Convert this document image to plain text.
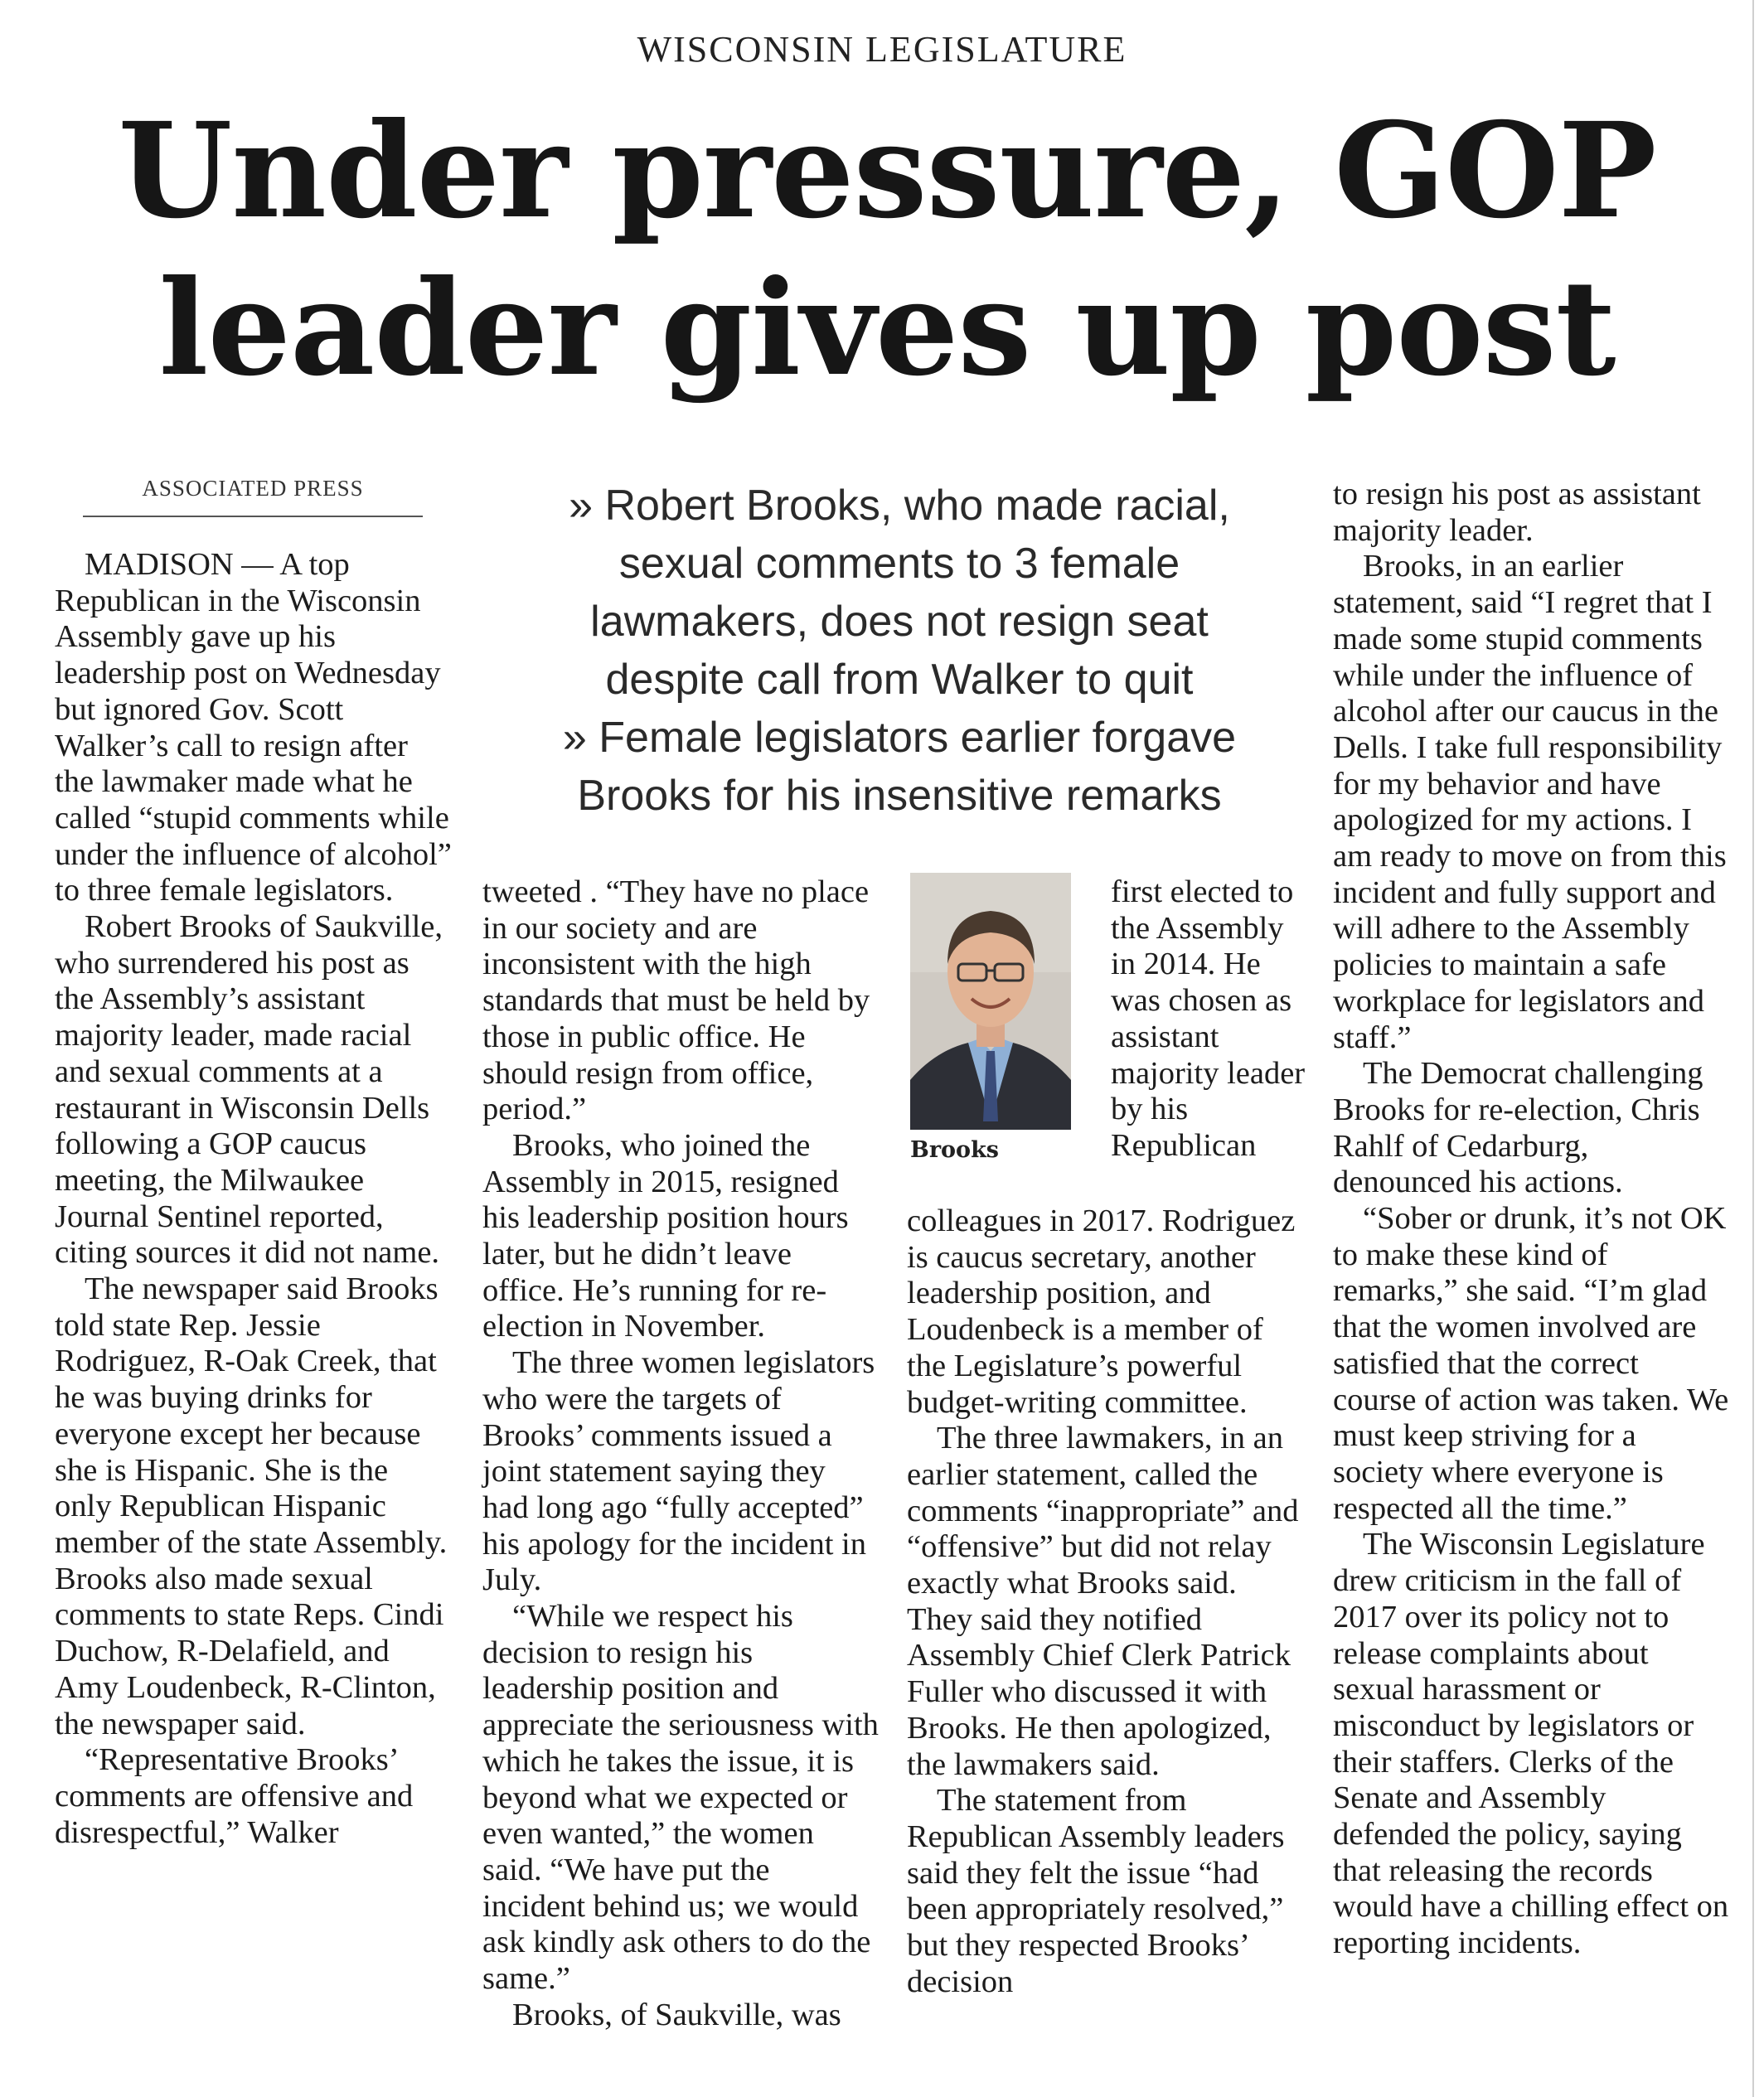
WISCONSIN LEGISLATURE
Under pressure, GOP
leader gives up post
ASSOCIATED PRESS	» Robert Brooks, who made racial,
sexual comments to 3 female
lawmakers, does not resign seat
despite call from Walker to quit
» Female legislators earlier forgave
Brooks for his insensitive remarks

MADISON — A top Republican in the Wisconsin Assembly gave up his leadership post on Wednesday but ignored Gov. Scott Walker’s call to resign after the lawmaker made what he called “stupid comments while under the influence of alcohol” to three female legislators.

Robert Brooks of Saukville, who surrendered his post as the Assembly’s assistant majority leader, made racial and sexual comments at a restaurant in Wisconsin Dells following a GOP caucus meeting, the Milwaukee Journal Sentinel reported, citing sources it did not name.

The newspaper said Brooks told state Rep. Jessie Rodriguez, R-Oak Creek, that he was buying drinks for everyone except her because she is Hispanic. She is the only Republican Hispanic member of the state Assembly. Brooks also made sexual comments to state Reps. Cindi Duchow, R-Delafield, and Amy Loudenbeck, R-Clinton, the newspaper said.

“Representative Brooks’ comments are offensive and disrespectful,” Walker

tweeted . “They have no place in our society and are inconsistent with the high standards that must be held by those in public office. He should resign from office, period.”

Brooks, who joined the Assembly in 2015, resigned his leadership position hours later, but he didn’t leave office. He’s running for re-election in November.

The three women legislators who were the targets of Brooks’ comments issued a joint statement saying they had long ago “fully accepted” his apology for the incident in July.

“While we respect his decision to resign his leadership position and appreciate the seriousness with which he takes the issue, it is beyond what we expected or even wanted,” the women said. “We have put the incident behind us; we would ask kindly ask others to do the same.”

Brooks, of Saukville, was

Brooks

first elected to the Assembly in 2014. He was chosen as assistant majority leader by his Republican

colleagues in 2017. Rodriguez is caucus secretary, another leadership position, and Loudenbeck is a member of the Legislature’s powerful budget-writing committee.

The three lawmakers, in an earlier statement, called the comments “inappropriate” and “offensive” but did not relay exactly what Brooks said. They said they notified Assembly Chief Clerk Patrick Fuller who discussed it with Brooks. He then apologized, the lawmakers said.

The statement from Republican Assembly leaders said they felt the issue “had been appropriately resolved,” but they respected Brooks’ decision

to resign his post as assistant majority leader.

Brooks, in an earlier statement, said “I regret that I made some stupid comments while under the influence of alcohol after our caucus in the Dells. I take full responsibility for my behavior and have apologized for my actions. I am ready to move on from this incident and fully support and will adhere to the Assembly policies to maintain a safe workplace for legislators and staff.”

The Democrat challenging Brooks for re-election, Chris Rahlf of Cedarburg, denounced his actions.

“Sober or drunk, it’s not OK to make these kind of remarks,” she said. “I’m glad that the women involved are satisfied that the correct course of action was taken. We must keep striving for a society where everyone is respected all the time.”

The Wisconsin Legislature drew criticism in the fall of 2017 over its policy not to release complaints about sexual harassment or misconduct by legislators or their staffers. Clerks of the Senate and Assembly defended the policy, saying that releasing the records would have a chilling effect on reporting incidents.
